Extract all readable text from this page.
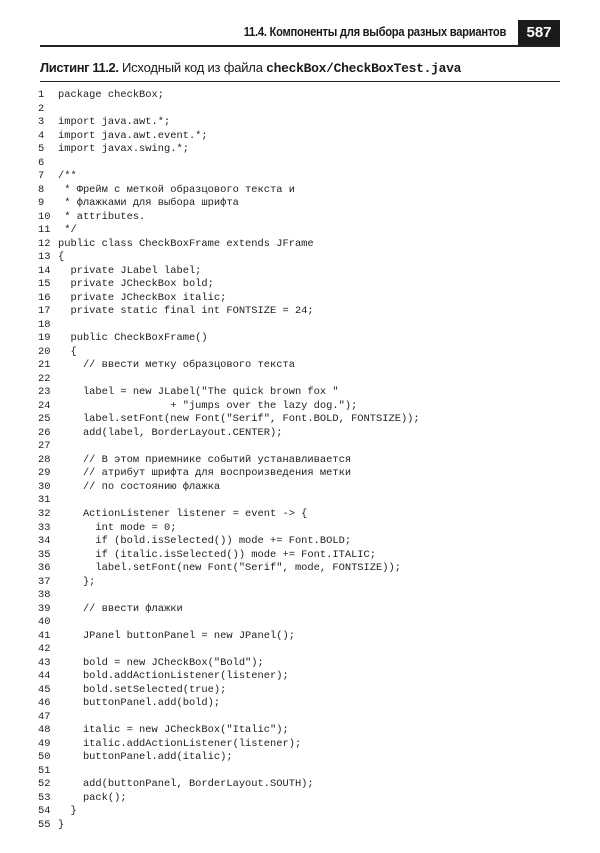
11.4. Компоненты для выбора разных вариантов	587
Листинг 11.2. Исходный код из файла checkBox/CheckBoxTest.java
1 package checkBox;
2
3 import java.awt.*;
4 import java.awt.event.*;
5 import javax.swing.*;
6
7 /**
8 * Фрейм с меткой образцового текста и
9 * флажками для выбора шрифта
10 * attributes.
11 */
12 public class CheckBoxFrame extends JFrame
13 {
14  private JLabel label;
15  private JCheckBox bold;
16  private JCheckBox italic;
17  private static final int FONTSIZE = 24;
18
19  public CheckBoxFrame()
20  {
21    // ввести метку образцового текста
22
23    label = new JLabel("The quick brown fox "
24                  + "jumps over the lazy dog.");
25    label.setFont(new Font("Serif", Font.BOLD, FONTSIZE));
26    add(label, BorderLayout.CENTER);
27
28    // В этом приемнике событий устанавливается
29    // атрибут шрифта для воспроизведения метки
30    // по состоянию флажка
31
32    ActionListener listener = event -> {
33      int mode = 0;
34      if (bold.isSelected()) mode += Font.BOLD;
35      if (italic.isSelected()) mode += Font.ITALIC;
36      label.setFont(new Font("Serif", mode, FONTSIZE));
37    };
38
39    // ввести флажки
40
41    JPanel buttonPanel = new JPanel();
42
43    bold = new JCheckBox("Bold");
44    bold.addActionListener(listener);
45    bold.setSelected(true);
46    buttonPanel.add(bold);
47
48    italic = new JCheckBox("Italic");
49    italic.addActionListener(listener);
50    buttonPanel.add(italic);
51
52    add(buttonPanel, BorderLayout.SOUTH);
53    pack();
54  }
55 }
